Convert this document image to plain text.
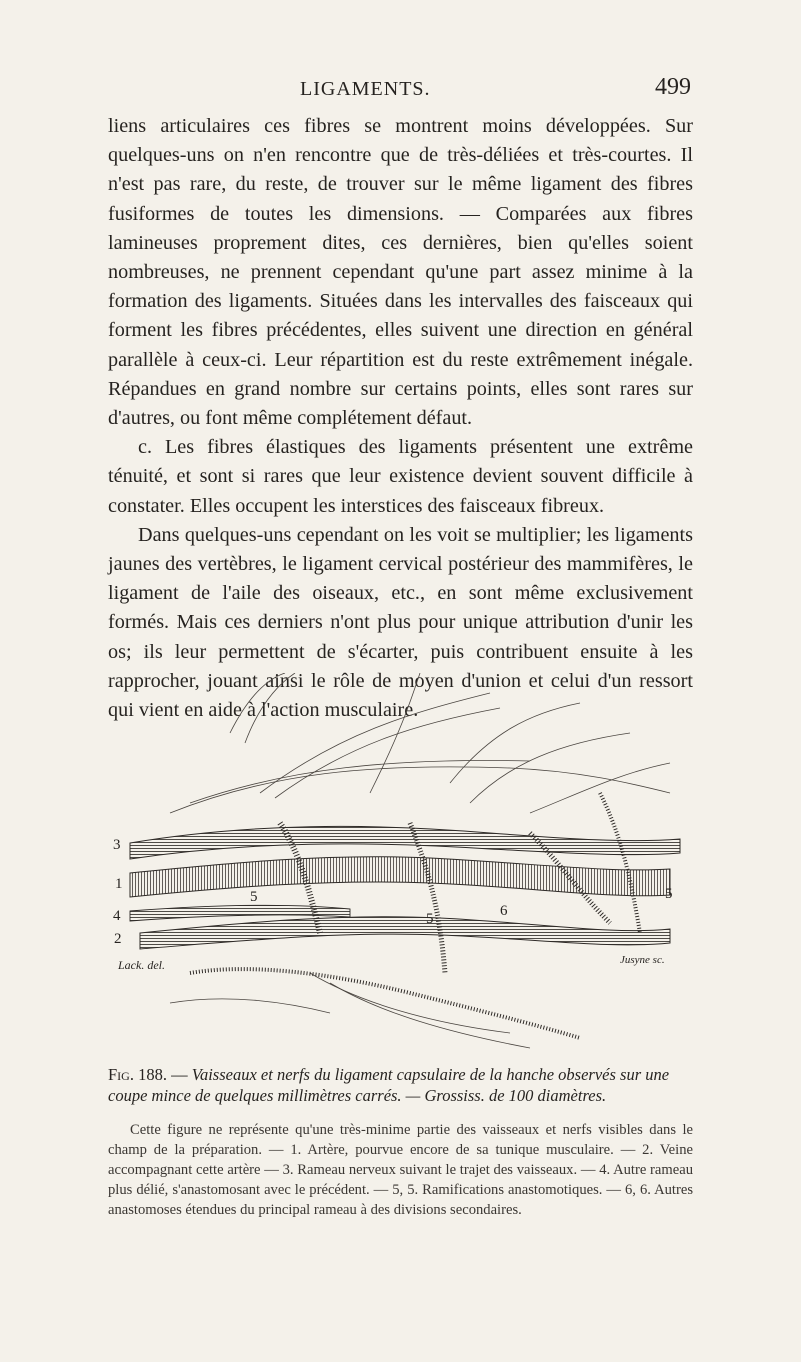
LIGAMENTS.	499

liens articulaires ces fibres se montrent moins développées. Sur quelques-uns on n'en rencontre que de très-déliées et très-courtes. Il n'est pas rare, du reste, de trouver sur le même ligament des fibres fusiformes de toutes les dimensions. — Comparées aux fibres lamineuses proprement dites, ces dernières, bien qu'elles soient nombreuses, ne prennent cependant qu'une part assez minime à la formation des ligaments. Situées dans les intervalles des faisceaux qui forment les fibres précédentes, elles suivent une direction en général parallèle à ceux-ci. Leur répartition est du reste extrêmement inégale. Répandues en grand nombre sur certains points, elles sont rares sur d'autres, ou font même complétement défaut.

c. Les fibres élastiques des ligaments présentent une extrême ténuité, et sont si rares que leur existence devient souvent difficile à constater. Elles occupent les interstices des faisceaux fibreux.

Dans quelques-uns cependant on les voit se multiplier; les ligaments jaunes des vertèbres, le ligament cervical postérieur des mammifères, le ligament de l'aile des oiseaux, etc., en sont même exclusivement formés. Mais ces derniers n'ont plus pour unique attribution d'unir les os; ils leur permettent de s'écarter, puis contribuent ensuite à les rapprocher, jouant ainsi le rôle de moyen d'union et celui d'un ressort qui vient en aide à l'action musculaire.

3
1
4
2
5
5	6
5
Lack. del.	Jusyne sc.
Fig. 188. — Vaisseaux et nerfs du ligament capsulaire de la hanche observés sur une coupe mince de quelques millimètres carrés. — Grossiss. de 100 diamètres.

Cette figure ne représente qu'une très-minime partie des vaisseaux et nerfs visibles dans le champ de la préparation. — 1. Artère, pourvue encore de sa tunique musculaire. — 2. Veine accompagnant cette artère — 3. Rameau nerveux suivant le trajet des vaisseaux. — 4. Autre rameau plus délié, s'anastomosant avec le précédent. — 5, 5. Ramifications anastomotiques. — 6, 6. Autres anastomoses étendues du principal rameau à des divisions secondaires.
